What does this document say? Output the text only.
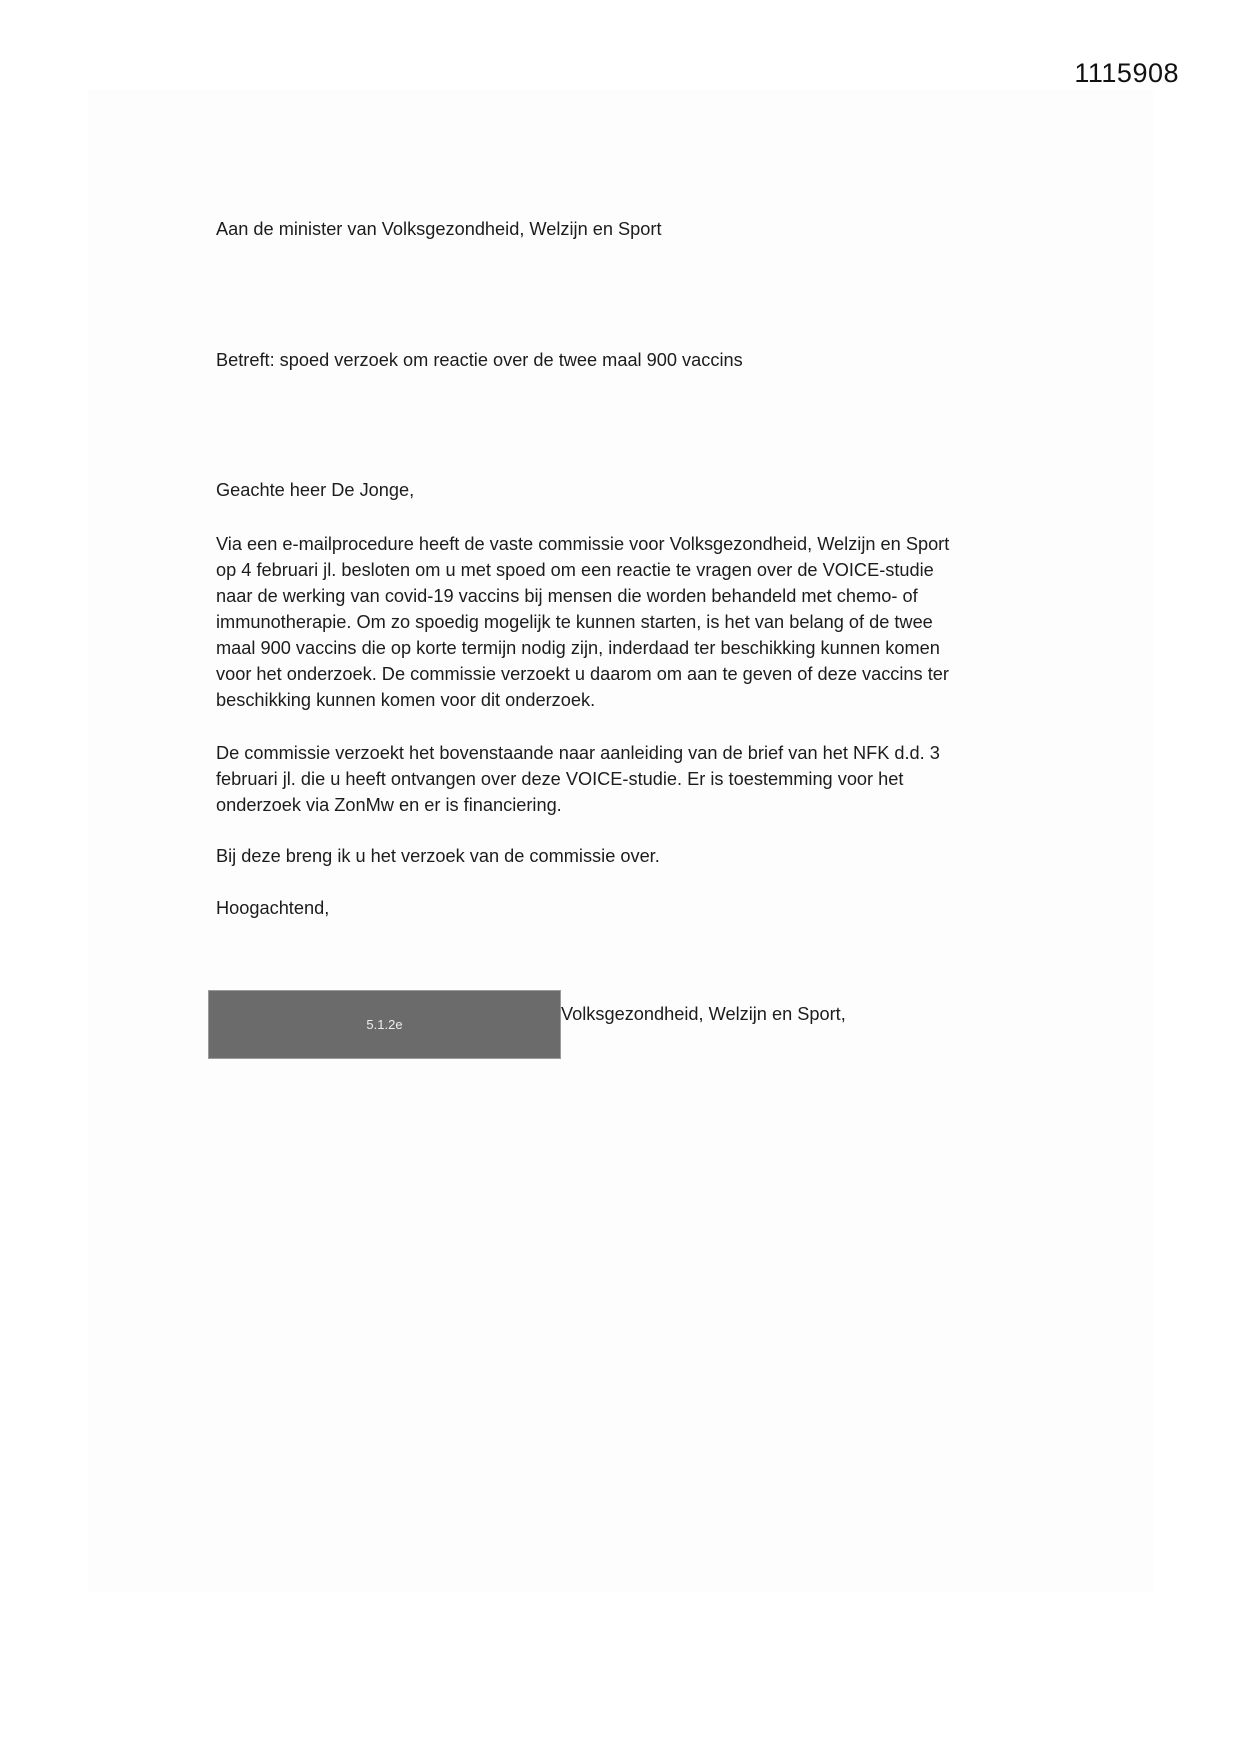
1115908
Aan de minister van Volksgezondheid, Welzijn en Sport
Betreft: spoed verzoek om reactie over de twee maal 900 vaccins
Geachte heer De Jonge,
Via een e-mailprocedure heeft de vaste commissie voor Volksgezondheid, Welzijn en Sport
op 4 februari jl. besloten om u met spoed om een reactie te vragen over de VOICE-studie
naar de werking van covid-19 vaccins bij mensen die worden behandeld met chemo- of
immunotherapie. Om zo spoedig mogelijk te kunnen starten, is het van belang of de twee
maal 900 vaccins die op korte termijn nodig zijn, inderdaad ter beschikking kunnen komen
voor het onderzoek. De commissie verzoekt u daarom om aan te geven of deze vaccins ter
beschikking kunnen komen voor dit onderzoek.
De commissie verzoekt het bovenstaande naar aanleiding van de brief van het NFK d.d. 3
februari jl. die u heeft ontvangen over deze VOICE-studie. Er is toestemming voor het
onderzoek via ZonMw en er is financiering.
Bij deze breng ik u het verzoek van de commissie over.
Hoogachtend,
5.1.2e
Volksgezondheid, Welzijn en Sport,
